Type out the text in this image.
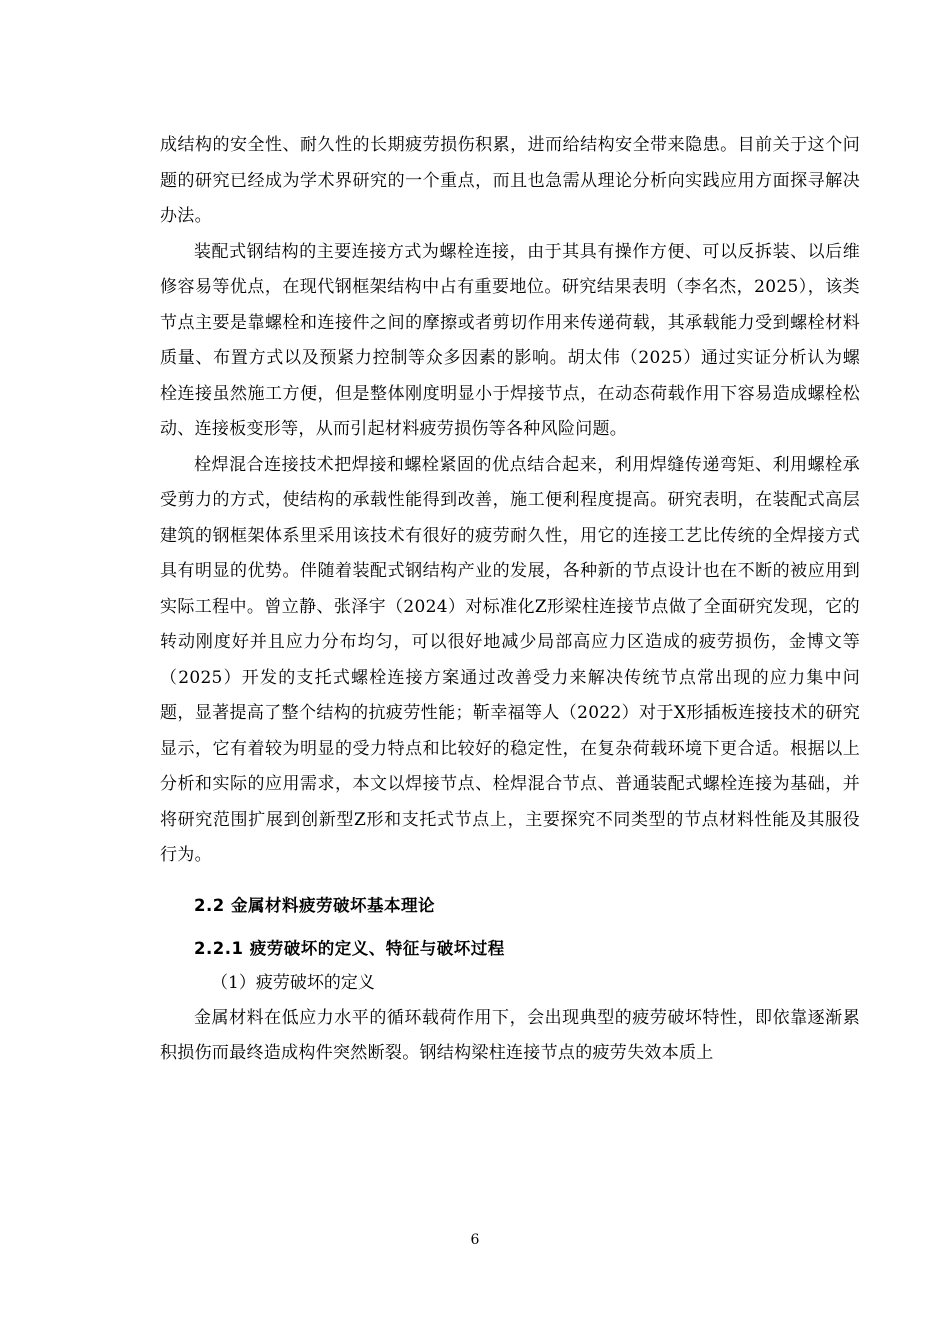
成结构的安全性、耐久性的长期疲劳损伤积累，进而给结构安全带来隐患。目前关于这个问题的研究已经成为学术界研究的一个重点，而且也急需从理论分析向实践应用方面探寻解决办法。

装配式钢结构的主要连接方式为螺栓连接，由于其具有操作方便、可以反拆装、以后维修容易等优点，在现代钢框架结构中占有重要地位。研究结果表明（李名杰，2025），该类节点主要是靠螺栓和连接件之间的摩擦或者剪切作用来传递荷载，其承载能力受到螺栓材料质量、布置方式以及预紧力控制等众多因素的影响。胡太伟（2025）通过实证分析认为螺栓连接虽然施工方便，但是整体刚度明显小于焊接节点，在动态荷载作用下容易造成螺栓松动、连接板变形等，从而引起材料疲劳损伤等各种风险问题。

栓焊混合连接技术把焊接和螺栓紧固的优点结合起来，利用焊缝传递弯矩、利用螺栓承受剪力的方式，使结构的承载性能得到改善，施工便利程度提高。研究表明，在装配式高层建筑的钢框架体系里采用该技术有很好的疲劳耐久性，用它的连接工艺比传统的全焊接方式具有明显的优势。伴随着装配式钢结构产业的发展，各种新的节点设计也在不断的被应用到实际工程中。曾立静、张泽宇（2024）对标准化Z形梁柱连接节点做了全面研究发现，它的转动刚度好并且应力分布均匀，可以很好地减少局部高应力区造成的疲劳损伤，金博文等（2025）开发的支托式螺栓连接方案通过改善受力来解决传统节点常出现的应力集中问题，显著提高了整个结构的抗疲劳性能；靳幸福等人（2022）对于X形插板连接技术的研究显示，它有着较为明显的受力特点和比较好的稳定性，在复杂荷载环境下更合适。根据以上分析和实际的应用需求，本文以焊接节点、栓焊混合节点、普通装配式螺栓连接为基础，并将研究范围扩展到创新型Z形和支托式节点上，主要探究不同类型的节点材料性能及其服役行为。

2.2 金属材料疲劳破坏基本理论

2.2.1 疲劳破坏的定义、特征与破坏过程

（1）疲劳破坏的定义

金属材料在低应力水平的循环载荷作用下，会出现典型的疲劳破坏特性，即依靠逐渐累积损伤而最终造成构件突然断裂。钢结构梁柱连接节点的疲劳失效本质上

6
